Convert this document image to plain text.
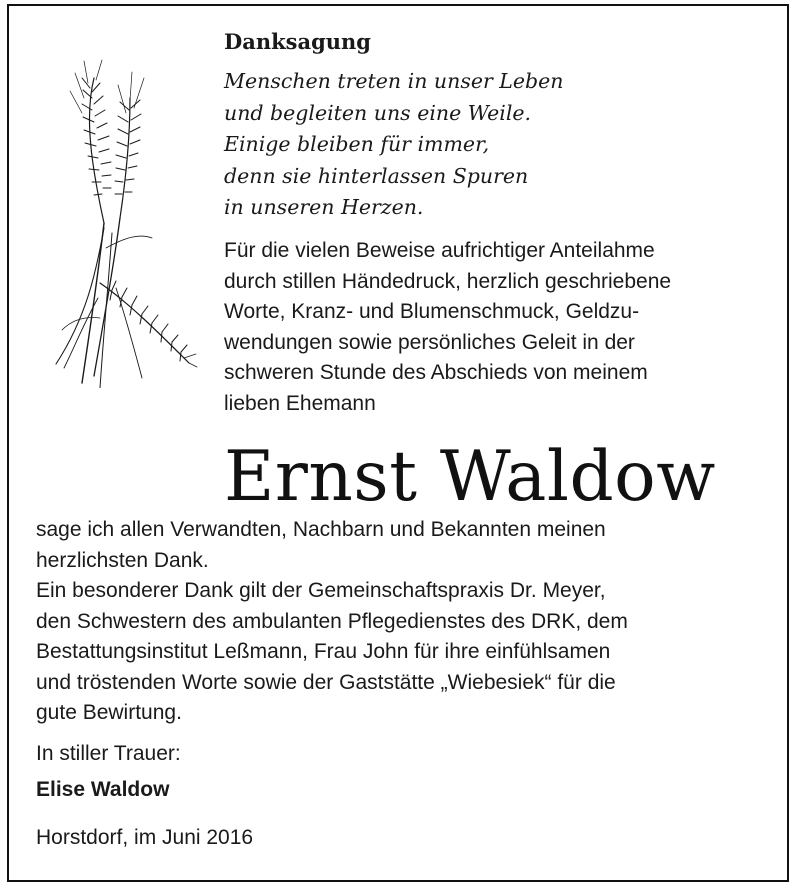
Danksagung
Menschen treten in unser Leben
und begleiten uns eine Weile.
Einige bleiben für immer,
denn sie hinterlassen Spuren
in unseren Herzen.
Für die vielen Beweise aufrichtiger Anteilahme
durch stillen Händedruck, herzlich geschriebene
Worte, Kranz- und Blumenschmuck, Geldzu-
wendungen sowie persönliches Geleit in der
schweren Stunde des Abschieds von meinem
lieben Ehemann
Ernst Waldow
sage ich allen Verwandten, Nachbarn und Bekannten meinen
herzlichsten Dank.
Ein besonderer Dank gilt der Gemeinschaftspraxis Dr. Meyer,
den Schwestern des ambulanten Pflegedienstes des DRK, dem
Bestattungsinstitut Leßmann, Frau John für ihre einfühlsamen
und tröstenden Worte sowie der Gaststätte „Wiebesiek“ für die
gute Bewirtung.
In stiller Trauer:
Elise Waldow
Horstdorf, im Juni 2016
